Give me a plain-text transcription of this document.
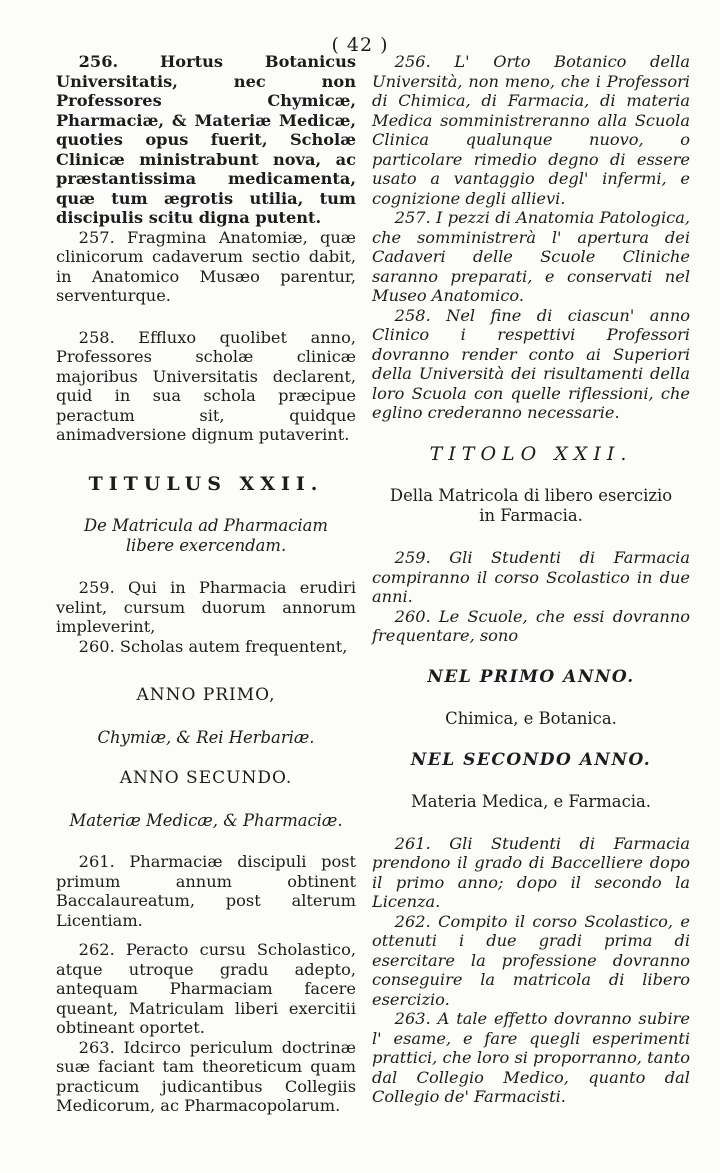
( 42 )

256. Hortus Botanicus Universitatis, nec non Professores Chymicæ, Pharmaciæ, & Materiæ Medicæ, quoties opus fuerit, Scholæ Clinicæ ministrabunt nova, ac præstantissima medicamenta, quæ tum ægrotis utilia, tum discipulis scitu digna putent.

257. Fragmina Anatomiæ, quæ clinicorum cadaverum sectio dabit, in Anatomico Musæo parentur, serventurque.

258. Effluxo quolibet anno, Professores scholæ clinicæ majoribus Universitatis declarent, quid in sua schola præcipue peractum sit, quidque animadversione dignum putaverint.

TITULUS XXII.

De Matricula ad Pharmaciam

libere exercendam.

259. Qui in Pharmacia erudiri velint, cursum duorum annorum impleverint,

260. Scholas autem frequentent,

ANNO PRIMO,

Chymiæ, & Rei Herbariæ.

ANNO SECUNDO.

Materiæ Medicæ, & Pharmaciæ.

261. Pharmaciæ discipuli post primum annum obtinent Baccalaureatum, post alterum Licentiam.

262. Peracto cursu Scholastico, atque utroque gradu adepto, antequam Pharmaciam facere queant, Matriculam liberi exercitii obtineant oportet.

263. Idcirco periculum doctrinæ suæ faciant tam theoreticum quam practicum judicantibus Collegiis Medicorum, ac Pharmacopolarum.

256. L' Orto Botanico della Università, non meno, che i Professori di Chimica, di Farmacia, di materia Medica somministreranno alla Scuola Clinica qualunque nuovo, o particolare rimedio degno di essere usato a vantaggio degl' infermi, e cognizione degli allievi.

257. I pezzi di Anatomia Patologica, che somministrerà l' apertura dei Cadaveri delle Scuole Cliniche saranno preparati, e conservati nel Museo Anatomico.

258. Nel fine di ciascun' anno Clinico i respettivi Professori dovranno render conto ai Superiori della Università dei risultamenti della loro Scuola con quelle riflessioni, che eglino crederanno necessarie.

TITOLO XXII.

Della Matricola di libero esercizio

in Farmacia.

259. Gli Studenti di Farmacia compiranno il corso Scolastico in due anni.

260. Le Scuole, che essi dovranno frequentare, sono

NEL PRIMO ANNO.

Chimica, e Botanica.

NEL SECONDO ANNO.

Materia Medica, e Farmacia.

261. Gli Studenti di Farmacia prendono il grado di Baccelliere dopo il primo anno; dopo il secondo la Licenza.

262. Compito il corso Scolastico, e ottenuti i due gradi prima di esercitare la professione dovranno conseguire la matricola di libero esercizio.

263. A tale effetto dovranno subire l' esame, e fare quegli esperimenti prattici, che loro si proporranno, tanto dal Collegio Medico, quanto dal Collegio de' Farmacisti.
